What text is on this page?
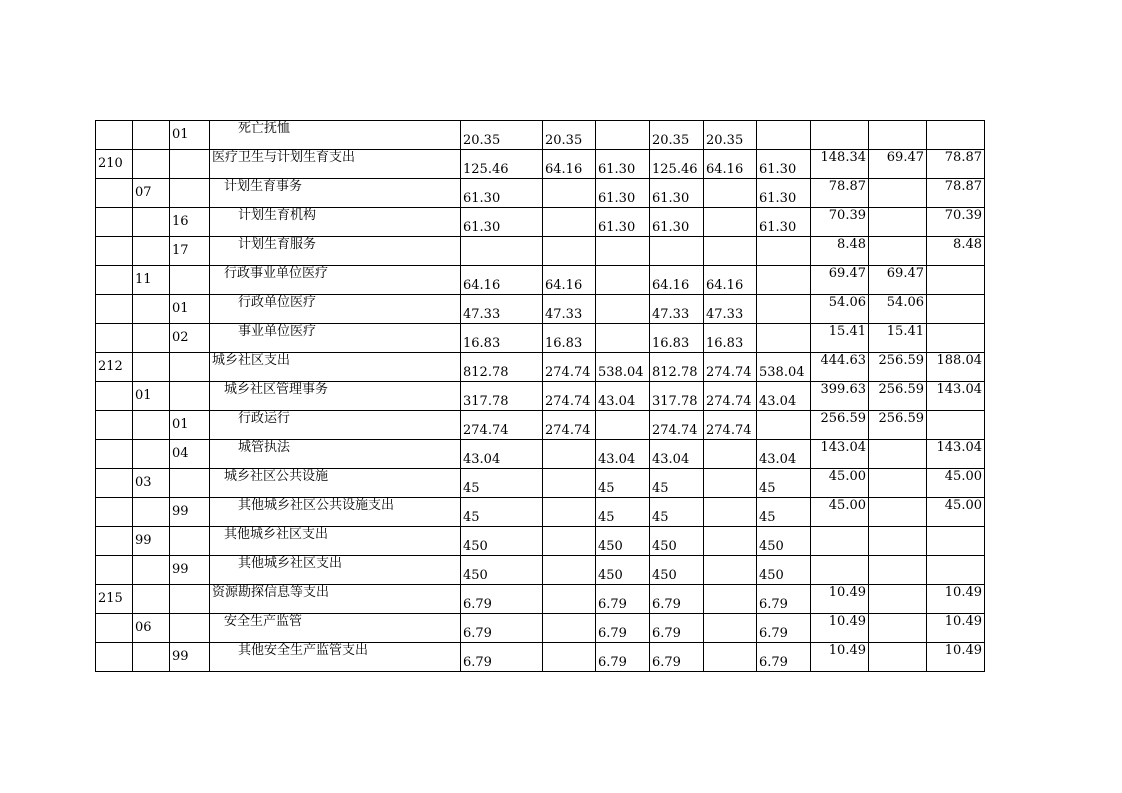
		01	死亡抚恤	20.35	20.35		20.35	20.35				
210			医疗卫生与计划生育支出	125.46	64.16	61.30	125.46	64.16	61.30	148.34	69.47	78.87
	07		计划生育事务	61.30		61.30	61.30		61.30	78.87		78.87
		16	计划生育机构	61.30		61.30	61.30		61.30	70.39		70.39
		17	计划生育服务							8.48		8.48
	11		行政事业单位医疗	64.16	64.16		64.16	64.16		69.47	69.47	
		01	行政单位医疗	47.33	47.33		47.33	47.33		54.06	54.06	
		02	事业单位医疗	16.83	16.83		16.83	16.83		15.41	15.41	
212			城乡社区支出	812.78	274.74	538.04	812.78	274.74	538.04	444.63	256.59	188.04
	01		城乡社区管理事务	317.78	274.74	43.04	317.78	274.74	43.04	399.63	256.59	143.04
		01	行政运行	274.74	274.74		274.74	274.74		256.59	256.59	
		04	城管执法	43.04		43.04	43.04		43.04	143.04		143.04
	03		城乡社区公共设施	45		45	45		45	45.00		45.00
		99	其他城乡社区公共设施支出	45		45	45		45	45.00		45.00
	99		其他城乡社区支出	450		450	450		450			
		99	其他城乡社区支出	450		450	450		450			
215			资源勘探信息等支出	6.79		6.79	6.79		6.79	10.49		10.49
	06		安全生产监管	6.79		6.79	6.79		6.79	10.49		10.49
		99	其他安全生产监管支出	6.79		6.79	6.79		6.79	10.49		10.49
